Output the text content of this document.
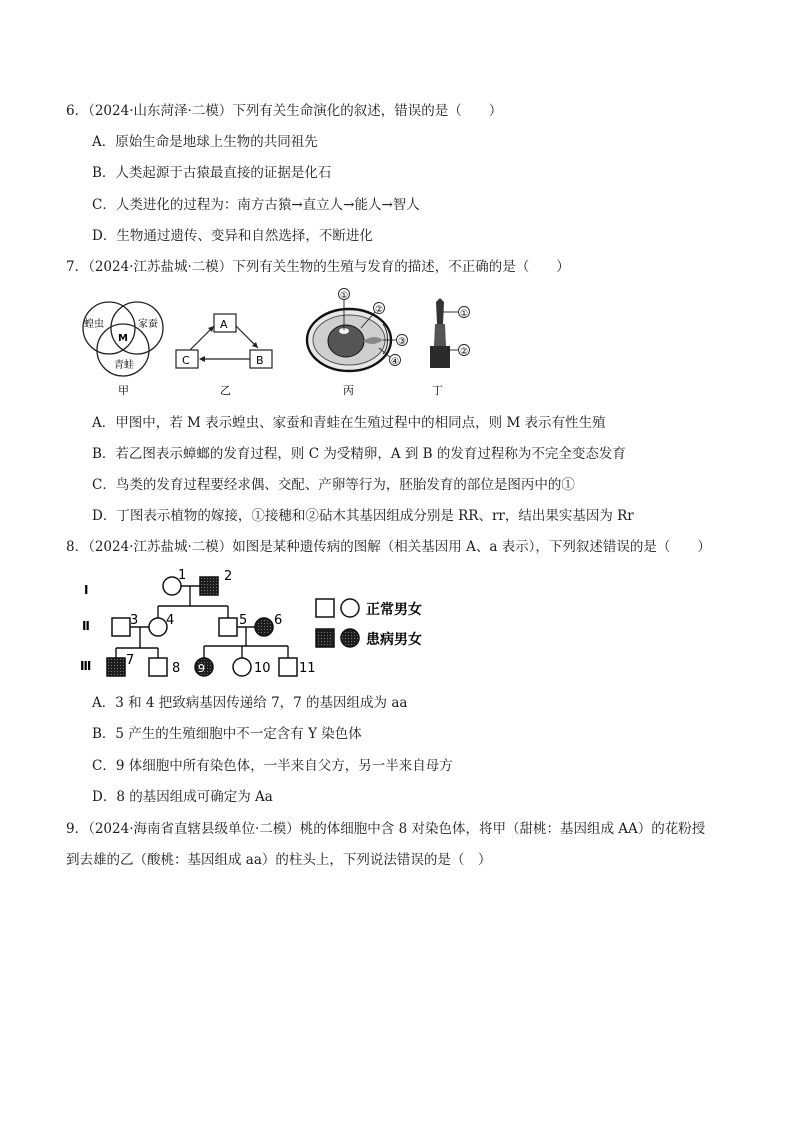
6．（2024·山东菏泽·二模）下列有关生命演化的叙述，错误的是（　　）
A．原始生命是地球上生物的共同祖先
B．人类起源于古猿最直接的证据是化石
C．人类进化的过程为：南方古猿→直立人→能人→智人
D．生物通过遗传、变异和自然选择，不断进化
7．（2024·江苏盐城·二模）下列有关生物的生殖与发育的描述，不正确的是（　　）
蝗虫	家蚕
青蛙
M
甲
A
B
C
乙
①
②
③
④
丙
①
②
丁
A．甲图中，若 M 表示蝗虫、家蚕和青蛙在生殖过程中的相同点，则 M 表示有性生殖
B．若乙图表示蟑螂的发育过程，则 C 为受精卵，A 到 B 的发育过程称为不完全变态发育
C．鸟类的发育过程要经求偶、交配、产卵等行为，胚胎发育的部位是图丙中的①
D．丁图表示植物的嫁接，①接穗和②砧木其基因组成分别是 RR、rr，结出果实基因为 Rr
8．（2024·江苏盐城·二模）如图是某种遗传病的图解（相关基因用 A、a 表示），下列叙述错误的是（　　）
Ⅰ
Ⅱ
Ⅲ
1	2
3 4	5 6
7
8 9	10 11
正常男女
患病男女
A．3 和 4 把致病基因传递给 7，7 的基因组成为 aa
B．5 产生的生殖细胞中不一定含有 Y 染色体
C．9 体细胞中所有染色体，一半来自父方，另一半来自母方
D．8 的基因组成可确定为 Aa
9．（2024·海南省直辖县级单位·二模）桃的体细胞中含 8 对染色体，将甲（甜桃：基因组成 AA）的花粉授
到去雄的乙（酸桃：基因组成 aa）的柱头上，下列说法错误的是（　）
